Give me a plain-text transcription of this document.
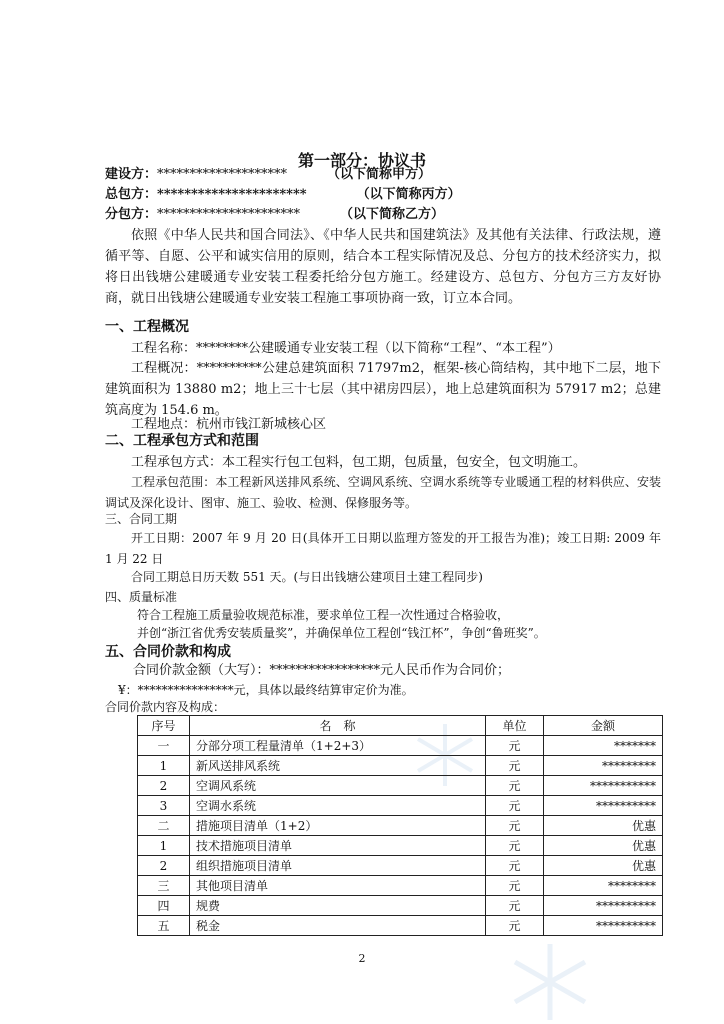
第一部分：协议书
建设方：********************	（以下简称甲方）
总包方：**********************	（以下简称丙方）
分包方：**********************	（以下简称乙方）
依照《中华人民共和国合同法》、《中华人民共和国建筑法》及其他有关法律、行政法规，遵循平等、自愿、公平和诚实信用的原则，结合本工程实际情况及总、分包方的技术经济实力，拟将日出钱塘公建暖通专业安装工程委托给分包方施工。经建设方、总包方、分包方三方友好协商，就日出钱塘公建暖通专业安装工程施工事项协商一致，订立本合同。
一、工程概况
工程名称：********公建暖通专业安装工程（以下简称“工程”、“本工程”）
工程概况：**********公建总建筑面积 71797m2，框架-核心筒结构，其中地下二层，地下建筑面积为 13880 m2；地上三十七层（其中裙房四层），地上总建筑面积为 57917 m2；总建筑高度为 154.6 m。
工程地点：杭州市钱江新城核心区
二、工程承包方式和范围
工程承包方式：本工程实行包工包料，包工期，包质量，包安全，包文明施工。
工程承包范围：本工程新风送排风系统、空调风系统、空调水系统等专业暖通工程的材料供应、安装调试及深化设计、图审、施工、验收、检测、保修服务等。
三、合同工期
开工日期：2007 年 9 月 20 日(具体开工日期以监理方签发的开工报告为准)；竣工日期: 2009 年 1 月 22 日
合同工期总日历天数 551 天。(与日出钱塘公建项目土建工程同步)
四、质量标准
符合工程施工质量验收规范标准，要求单位工程一次性通过合格验收，
并创“浙江省优秀安装质量奖”，并确保单位工程创“钱江杯”，争创“鲁班奖”。
五、合同价款和构成
合同价款金额（大写）：*****************元人民币作为合同价；
¥：****************元，具体以最终结算审定价为准。
合同价款内容及构成：
序号	名　称	单位	金额
一	分部分项工程量清单（1+2+3）	元	*******
1	新风送排风系统	元	*********
2	空调风系统	元	***********
3	空调水系统	元	**********
二	措施项目清单（1+2）	元	优惠
1	技术措施项目清单	元	优惠
2	组织措施项目清单	元	优惠
三	其他项目清单	元	********
四	规费	元	**********
五	税金	元	**********
2
